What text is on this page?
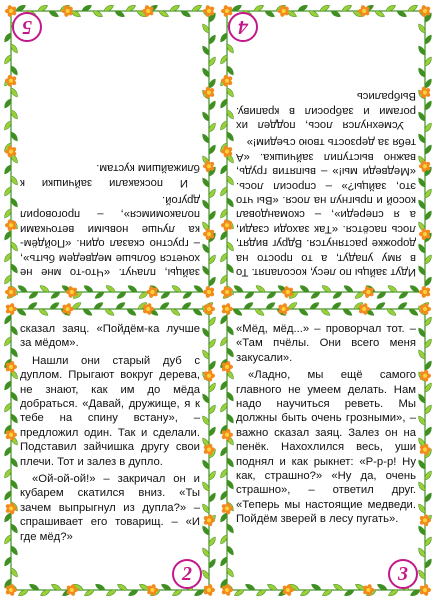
зайцы, плачут. «Что-то мне не хочется больше медведем быть», – грустно сказал один. «Пойдём-ка лучше новыми веточками полакомимся», – проговорил другой.

И поскакали зайчишки к ближайшим кустам.

5

Идут зайцы по лесу, косолапят. То в яму упадут, а то просто на дорожке растянутся. Вдруг видят, лось пасётся. «Так заходи сзади, а я спереди», – скомандовал косой и прыгнул на лося. «Вы что это, зайцы?» – спросил лось. «Медведи мы!» – выпятив грудь, важно выступил зайчишка. «А тебя за дерзость твою съедим!»

Усмехнулся лось, поддел их рогами и забросил в крапиву. Выбрались

4

сказал заяц. «Пойдём-ка лучше за мёдом».

Нашли они старый дуб с дуплом. Прыгают вокруг дерева, не знают, как им до мёда добраться. «Давай, дружище, я к тебе на спину встану», – предложил один. Так и сделали. Подставил зайчишка другу свои плечи. Тот и залез в дупло.

«Ой-ой-ой!» – закричал он и кубарем скатился вниз. «Ты зачем выпрыгнул из дупла?» – спрашивает его товарищ. – «И где мёд?»

2

«Мёд, мёд...» – проворчал тот. – «Там пчёлы. Они всего меня закусали».

«Ладно, мы ещё самого главного не умеем делать. Нам надо научиться реветь. Мы должны быть очень грозными», – важно сказал заяц. Залез он на пенёк. Нахохлился весь, уши поднял и как рыкнет: «Р-р-р! Ну как, страшно?» «Ну да, очень страшно», – ответил друг. «Теперь мы настоящие медведи. Пойдём зверей в лесу пугать».

3
